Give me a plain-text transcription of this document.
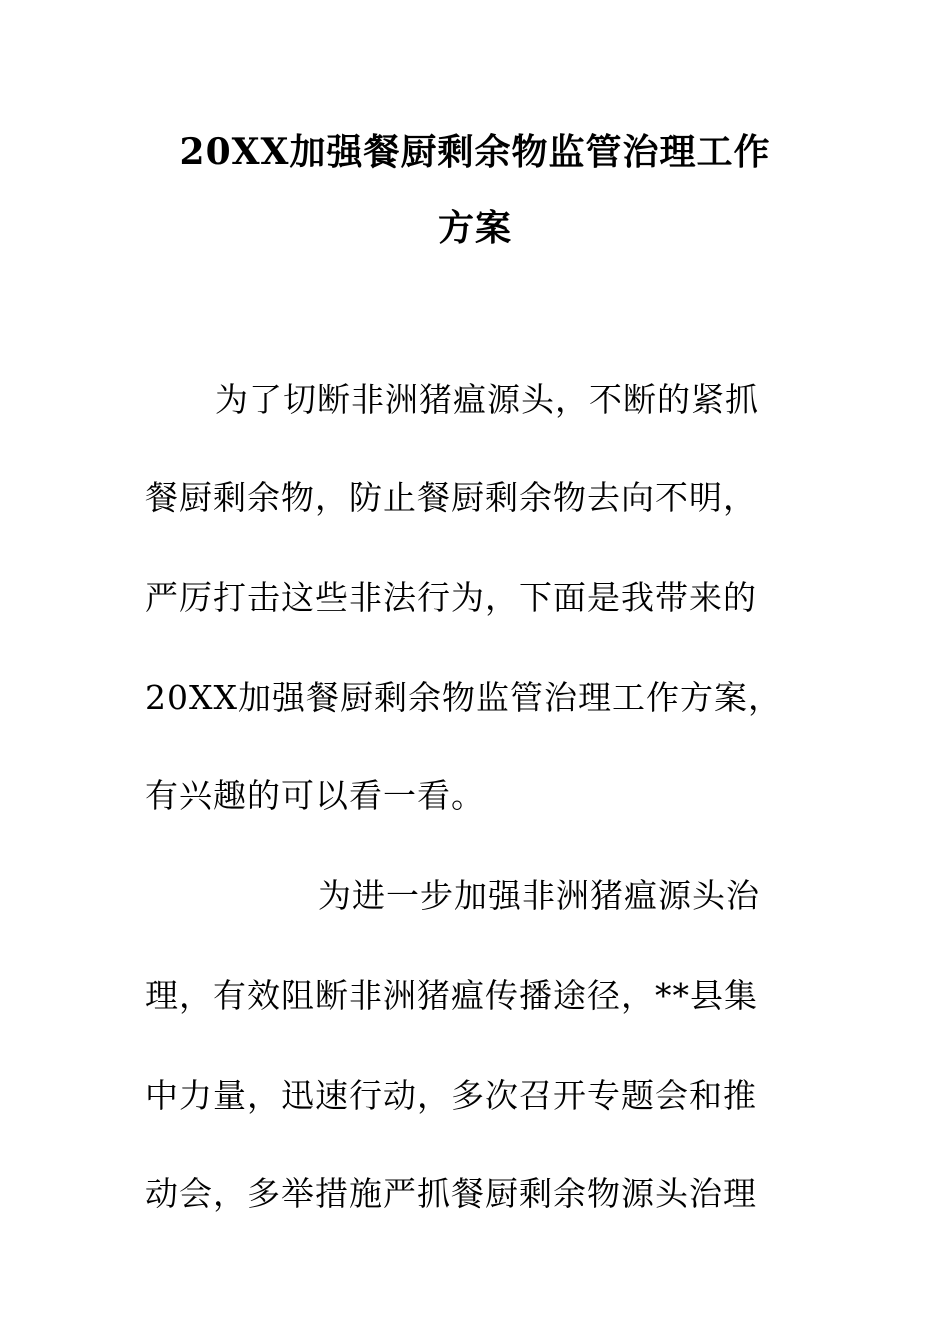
20XX加强餐厨剩余物监管治理工作
方案

为了切断非洲猪瘟源头，不断的紧抓

餐厨剩余物，防止餐厨剩余物去向不明，

严厉打击这些非法行为，下面是我带来的

20XX加强餐厨剩余物监管治理工作方案，

有兴趣的可以看一看。

为进一步加强非洲猪瘟源头治

理，有效阻断非洲猪瘟传播途径，**县集

中力量，迅速行动，多次召开专题会和推

动会，多举措施严抓餐厨剩余物源头治理
